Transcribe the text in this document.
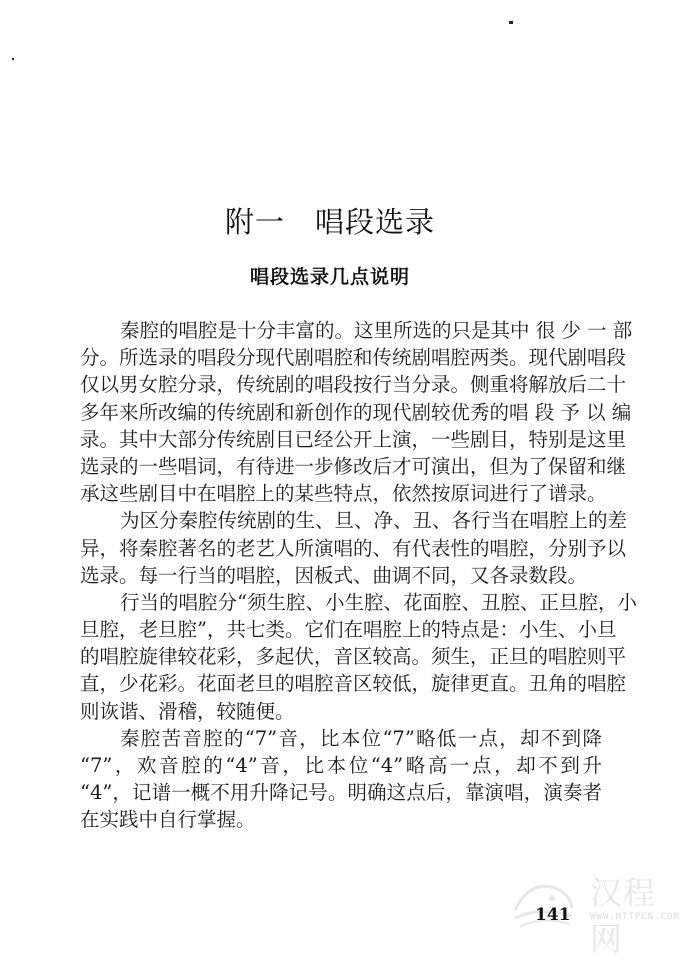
附一　唱段选录
唱段选录几点说明
秦腔的唱腔是十分丰富的。这里所选的只是其中 很 少 一 部
分。所选录的唱段分现代剧唱腔和传统剧唱腔两类。现代剧唱段
仅以男女腔分录，传统剧的唱段按行当分录。侧重将解放后二十
多年来所改编的传统剧和新创作的现代剧较优秀的唱 段 予 以 编
录。其中大部分传统剧目已经公开上演，一些剧目，特别是这里
选录的一些唱词，有待进一步修改后才可演出，但为了保留和继
承这些剧目中在唱腔上的某些特点，依然按原词进行了谱录。
为区分秦腔传统剧的生、旦、净、丑、各行当在唱腔上的差
异，将秦腔著名的老艺人所演唱的、有代表性的唱腔，分别予以
选录。每一行当的唱腔，因板式、曲调不同，又各录数段。
行当的唱腔分“须生腔、小生腔、花面腔、丑腔、正旦腔，小
旦腔，老旦腔”，共七类。它们在唱腔上的特点是：小生、小旦
的唱腔旋律较花彩，多起伏，音区较高。须生，正旦的唱腔则平
直，少花彩。花面老旦的唱腔音区较低，旋律更直。丑角的唱腔
则诙谐、滑稽，较随便。
秦腔苦音腔的“7”音，比本位“7”略低一点，却不到降
“7”，欢音腔的“4”音，比本位“4”略高一点，却不到升
“4”，记谱一概不用升降记号。明确这点后，靠演唱，演奏者
在实践中自行掌握。
汉程网
WWW.HTTPCN.COM
141
